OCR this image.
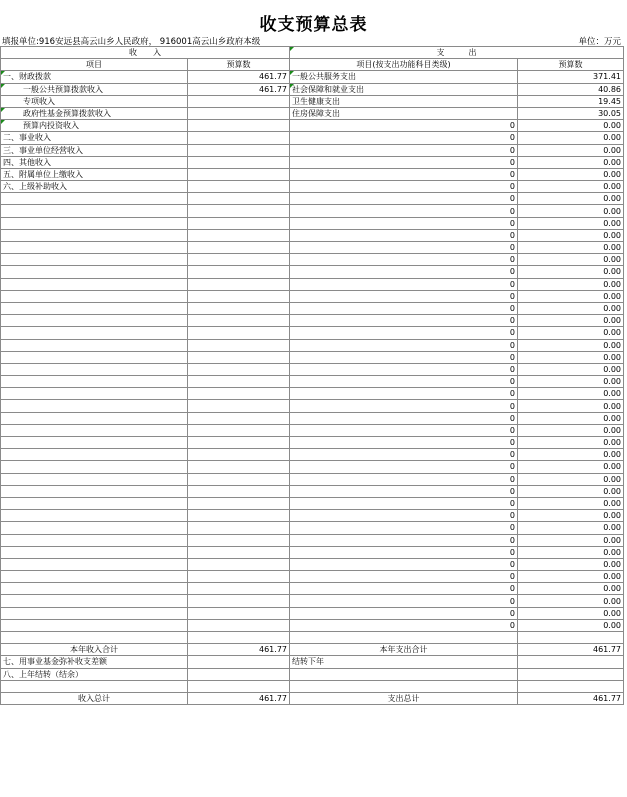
收支预算总表
填报单位:916安远县高云山乡人民政府， 916001高云山乡政府本级	单位：万元
收　　入		支　　　出	
项目	预算数	项目(按支出功能科目类级)	预算数
一、财政拨款	461.77	一般公共服务支出	371.41
一般公共预算拨款收入	461.77	社会保障和就业支出	40.86
专项收入		卫生健康支出	19.45
政府性基金预算拨款收入		住房保障支出	30.05
预算内投资收入		0	0.00
二、事业收入		0	0.00
三、事业单位经营收入		0	0.00
四、其他收入		0	0.00
五、附属单位上缴收入		0	0.00
六、上级补助收入		0	0.00
		0	0.00
		0	0.00
		0	0.00
		0	0.00
		0	0.00
		0	0.00
		0	0.00
		0	0.00
		0	0.00
		0	0.00
		0	0.00
		0	0.00
		0	0.00
		0	0.00
		0	0.00
		0	0.00
		0	0.00
		0	0.00
		0	0.00
		0	0.00
		0	0.00
		0	0.00
		0	0.00
		0	0.00
		0	0.00
		0	0.00
		0	0.00
		0	0.00
		0	0.00
		0	0.00
		0	0.00
		0	0.00
		0	0.00
		0	0.00
		0	0.00
		0	0.00

本年收入合计	461.77	本年支出合计	461.77
七、用事业基金弥补收支差额		结转下年	
八、上年结转（结余）			

收入总计	461.77	支出总计	461.77
